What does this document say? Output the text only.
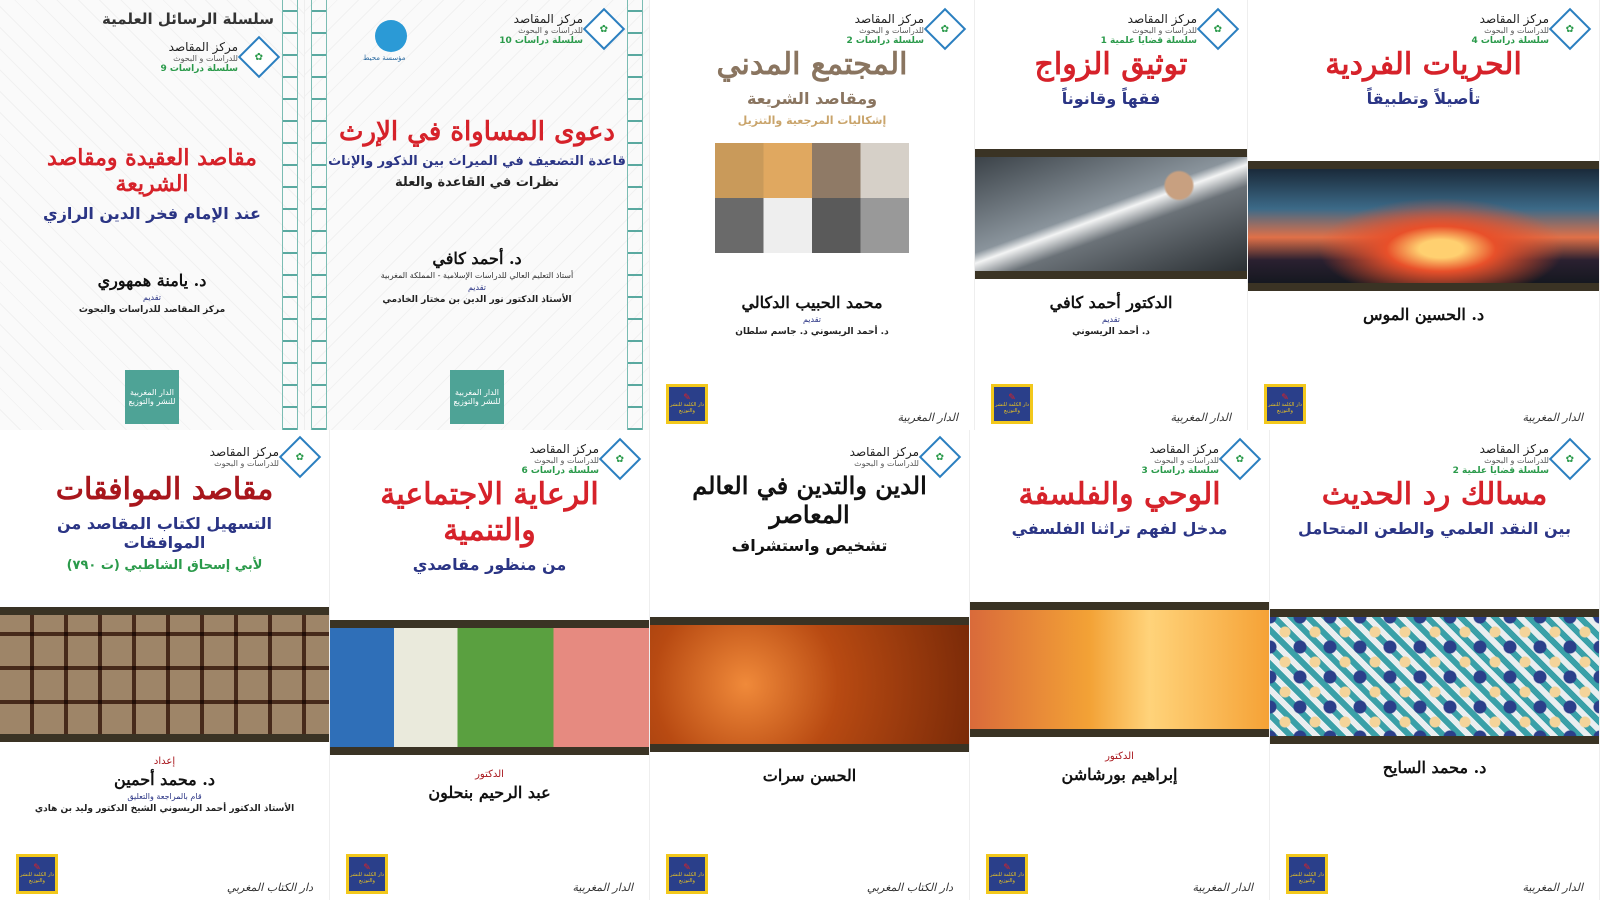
سلسلة الرسائل العلمية
✿
مركز المقاصد
للدراسات و البحوث
سلسلة دراسات 9
مقاصد العقيدة ومقاصد الشريعة
عند الإمام فخر الدين الرازي
د. يامنة همهوري
تقديم
مركز المقاصد للدراسات والبحوث
الدار المغربية للنشر والتوزيع
مؤسسة محيط
✿
مركز المقاصد
للدراسات و البحوث
سلسلة دراسات 10
دعوى المساواة في الإرث
قاعدة التضعيف في الميراث بين الذكور والإناث
نظرات في القاعدة والعلة
د. أحمد كافي
أستاذ التعليم العالي للدراسات الإسلامية - المملكة المغربية
تقديم
الأستاذ الدكتور نور الدين بن مختار الخادمي
الدار المغربية للنشر والتوزيع
✿
مركز المقاصد
للدراسات و البحوث
سلسلة دراسات 2
المجتمع المدني
ومقاصد الشريعة
إشكاليات المرجعية والتنزيل
محمد الحبيب الدكالي
تقديم
د. أحمد الريسوني د. جاسم سلطان
✎
دار الكلمة للنشر والتوزيع
الدار المغربية
✿
مركز المقاصد
للدراسات و البحوث
سلسلة قضايا علمية 1
توثيق الزواج
فقهاً وقانوناً
الدكتور أحمد كافي
تقديم
د. أحمد الريسوني
✎
دار الكلمة للنشر والتوزيع
الدار المغربية
✿
مركز المقاصد
للدراسات و البحوث
سلسلة دراسات 4
الحريات الفردية
تأصيلاً وتطبيقاً
د. الحسين الموس
✎
دار الكلمة للنشر والتوزيع
الدار المغربية
✿
مركز المقاصد
للدراسات و البحوث
مقاصد الموافقات
التسهيل لكتاب المقاصد من الموافقات
لأبي إسحاق الشاطبي (ت ٧٩٠)
إعداد
د. محمد أحمين
قام بالمراجعة والتعليق
الأستاذ الدكتور أحمد الريسوني الشيخ الدكتور وليد بن هادي
✎
دار الكلمة للنشر والتوزيع
دار الكتاب المغربي
✿
مركز المقاصد
للدراسات و البحوث
سلسلة دراسات 6
الرعاية الاجتماعية والتنمية
من منظور مقاصدي
الدكتور
عبد الرحيم بنحلون
✎
دار الكلمة للنشر والتوزيع
الدار المغربية
✿
مركز المقاصد
للدراسات و البحوث
الدين والتدين في العالم المعاصر
تشخيص واستشراف
الحسن سرات
✎
دار الكلمة للنشر والتوزيع
دار الكتاب المغربي
✿
مركز المقاصد
للدراسات و البحوث
سلسلة دراسات 3
الوحي والفلسفة
مدخل لفهم تراثنا الفلسفي
الدكتور
إبراهيم بورشاشن
✎
دار الكلمة للنشر والتوزيع
الدار المغربية
✿
مركز المقاصد
للدراسات و البحوث
سلسلة قضايا علمية 2
مسالك رد الحديث
بين النقد العلمي والطعن المتحامل
د. محمد السايح
✎
دار الكلمة للنشر والتوزيع
الدار المغربية
